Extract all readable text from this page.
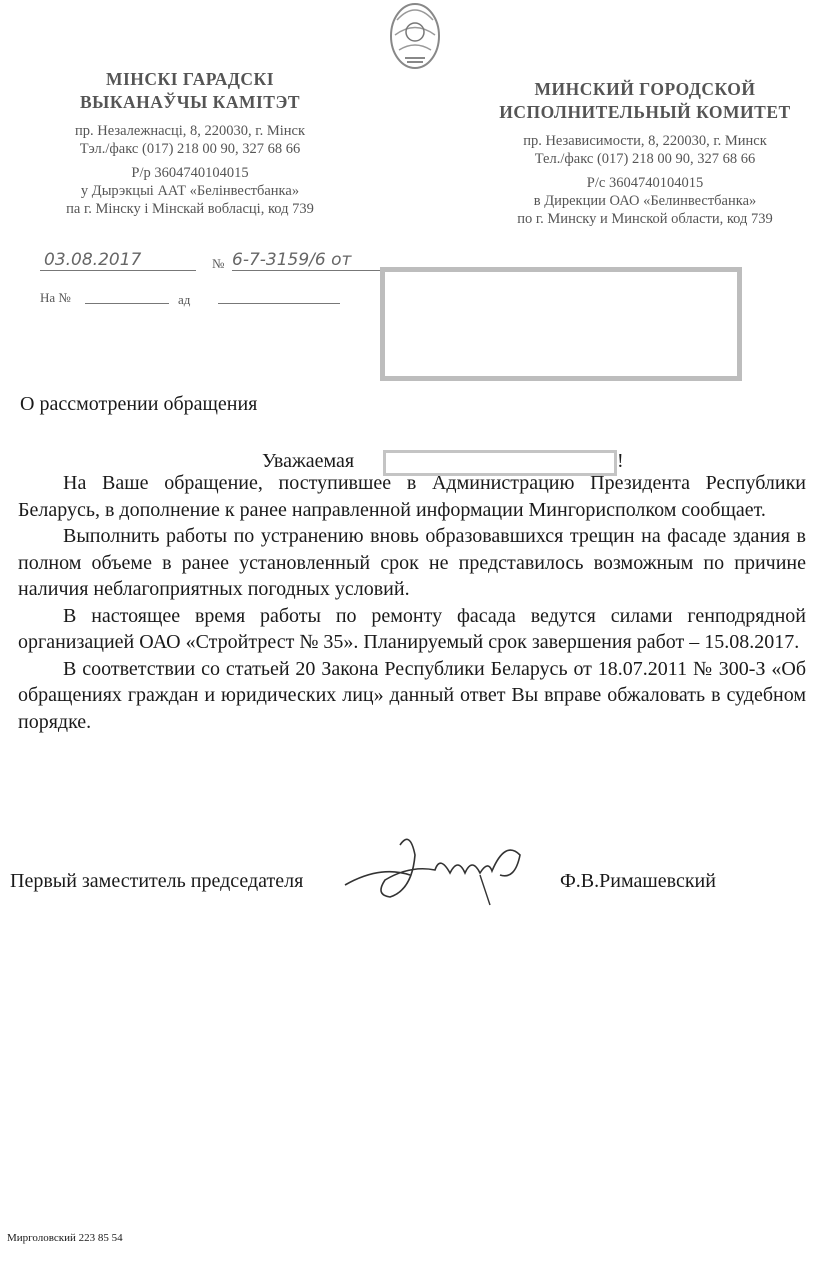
МІНСКІ ГАРАДСКІ
ВЫКАНАЎЧЫ КАМІТЭТ
пр. Незалежнасці, 8, 220030, г. Мінск
Тэл./факс (017) 218 00 90, 327 68 66
Р/р 3604740104015
у Дырэкцыі ААТ «Белінвестбанка»
па г. Мінску і Мінскай вобласці, код 739
МИНСКИЙ ГОРОДСКОЙ
ИСПОЛНИТЕЛЬНЫЙ КОМИТЕТ
пр. Независимости, 8, 220030, г. Минск
Тел./факс (017) 218 00 90, 327 68 66
Р/с 3604740104015
в Дирекции ОАО «Белинвестбанка»
по г. Минску и Минской области, код 739
03.08.2017	№ 6-7-3159/6 от
На №	ад
О рассмотрении обращения
Уважаемая	!

На Ваше обращение, поступившее в Администрацию Президента Республики Беларусь, в дополнение к ранее направленной информации Мингорисполком сообщает.

Выполнить работы по устранению вновь образовавшихся трещин на фасаде здания в полном объеме в ранее установленный срок не представилось возможным по причине наличия неблагоприятных погодных условий.

В настоящее время работы по ремонту фасада ведутся силами генподрядной организацией ОАО «Стройтрест № 35». Планируемый срок завершения работ – 15.08.2017.

В соответствии со статьей 20 Закона Республики Беларусь от 18.07.2011 № 300-З «Об обращениях граждан и юридических лиц» данный ответ Вы вправе обжаловать в судебном порядке.

Первый заместитель председателя	Ф.В.Римашевский
Мирголовский 223 85 54
